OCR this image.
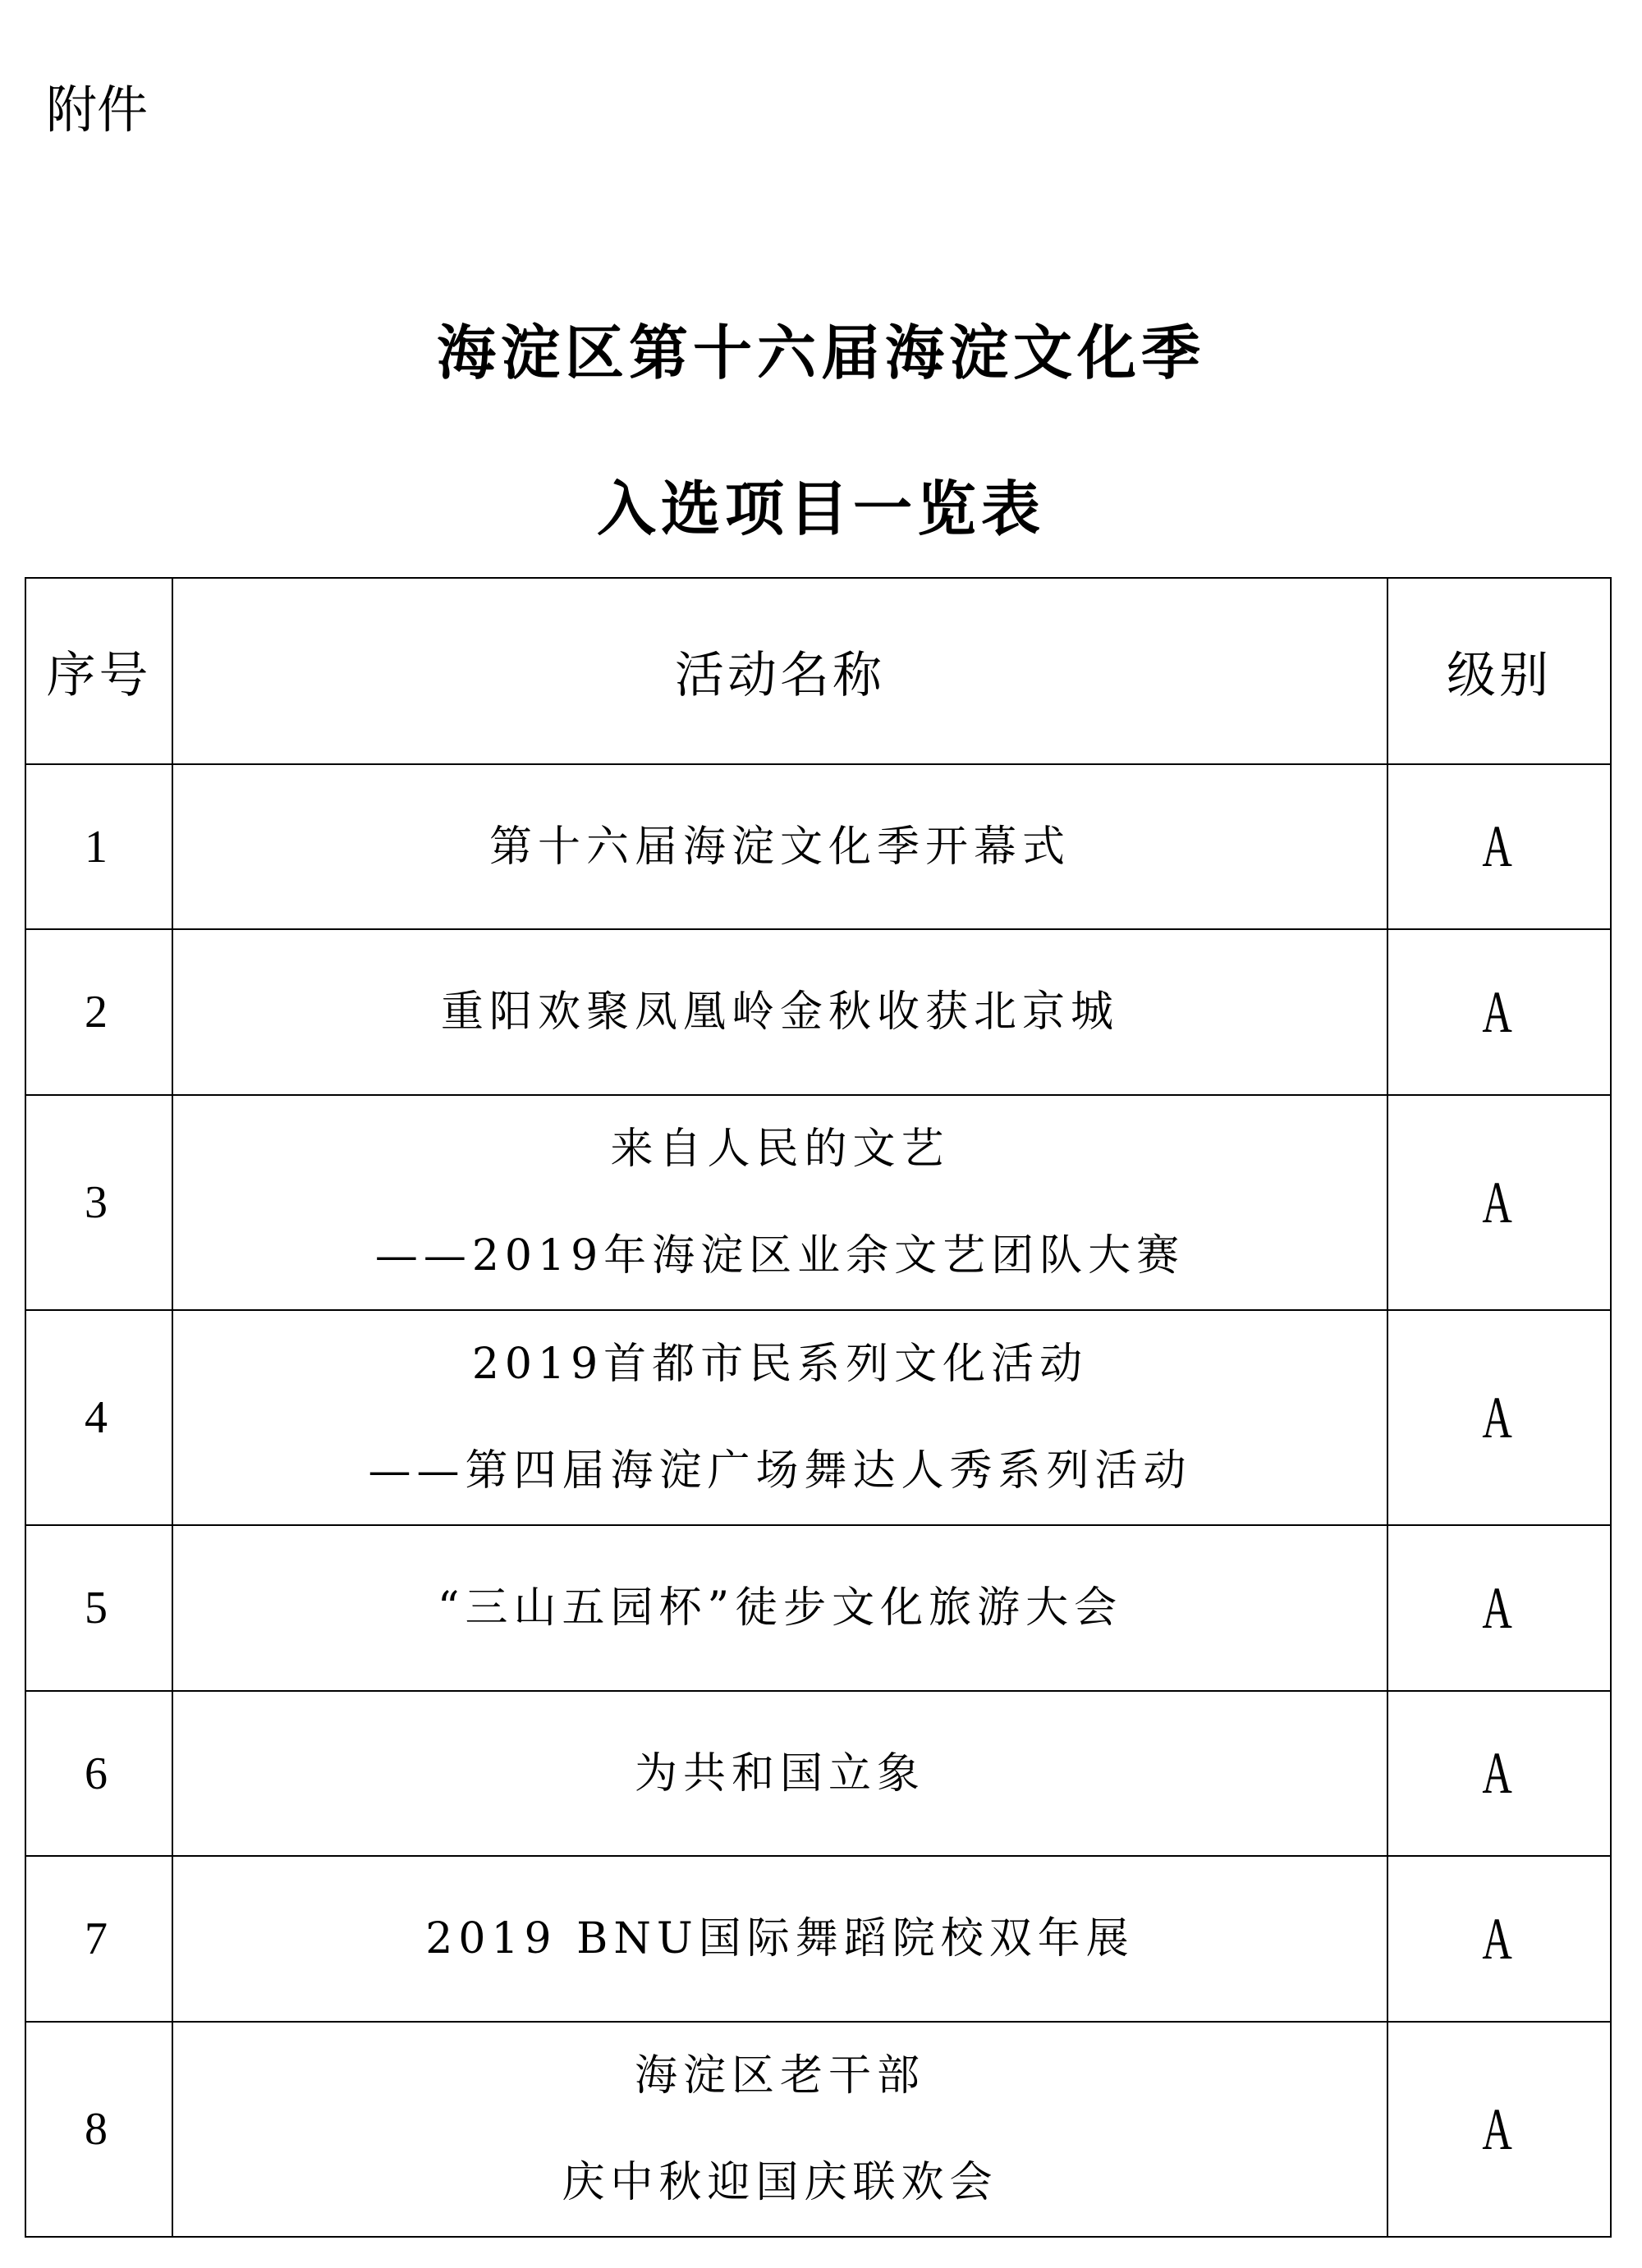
附件
海淀区第十六届海淀文化季
入选项目一览表
序号	活动名称	级别
1	第十六届海淀文化季开幕式	A
2	重阳欢聚凤凰岭金秋收获北京城	A
3	来自人民的文艺
——2019年海淀区业余文艺团队大赛	A
4	2019首都市民系列文化活动
——第四届海淀广场舞达人秀系列活动	A
5	“三山五园杯”徒步文化旅游大会	A
6	为共和国立象	A
7	2019 BNU国际舞蹈院校双年展	A
8	海淀区老干部
庆中秋迎国庆联欢会	A
